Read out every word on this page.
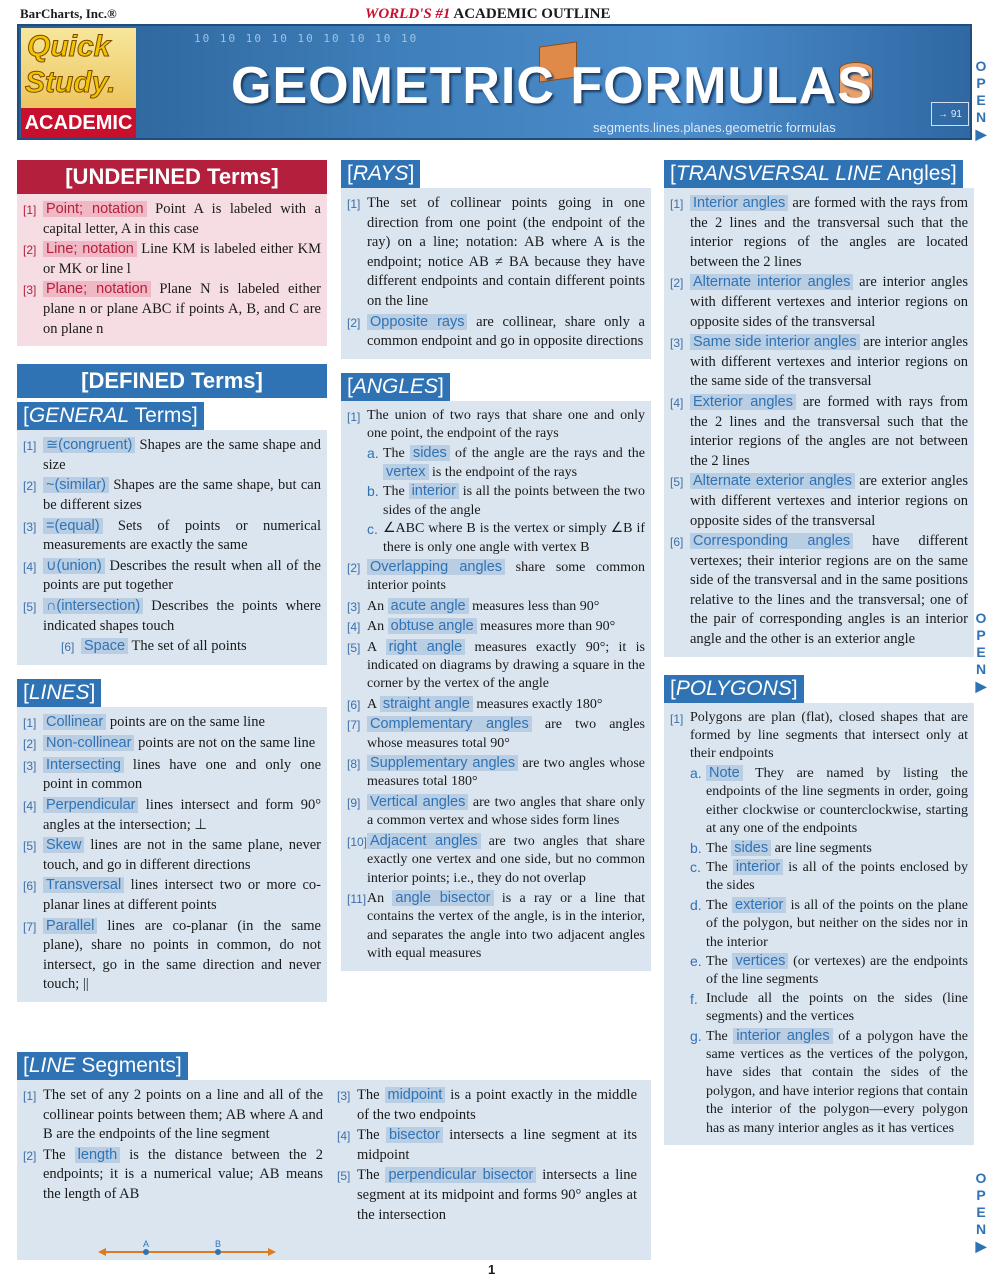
BarCharts, Inc.®	WORLD'S #1 ACADEMIC OUTLINE
Quick
Study.
ACADEMIC
10 10 10 10 10 10 10 10 10
GEOMETRIC FORMULAS
segments.lines.planes.geometric formulas
→ 91
O
P
E
N
▶
O
P
E
N
▶
O
P
E
N
▶
[UNDEFINED Terms]
[1] Point; notation Point A is labeled with a capital letter, A in this case
[2] Line; notation Line KM is labeled either KM or MK or line l
[3] Plane; notation Plane N is labeled either plane n or plane ABC if points A, B, and C are on plane n
[DEFINED Terms]
[GENERAL Terms]
[1] ≅(congruent) Shapes are the same shape and size
[2] ~(similar) Shapes are the same shape, but can be different sizes
[3] =(equal) Sets of points or numerical measurements are exactly the same
[4] ∪(union) Describes the result when all of the points are put together
[5] ∩(intersection) Describes the points where indicated shapes touch
[6] Space The set of all points
[LINES]
[1] Collinear points are on the same line
[2] Non-collinear points are not on the same line
[3] Intersecting lines have one and only one point in common
[4] Perpendicular lines intersect and form 90° angles at the intersection; ⊥
[5] Skew lines are not in the same plane, never touch, and go in different directions
[6] Transversal lines intersect two or more co-planar lines at different points
[7] Parallel lines are co-planar (in the same plane), share no points in common, do not intersect, go in the same direction and never touch; ||
[LINE Segments]
[1] The set of any 2 points on a line and all of the collinear points between them; AB where A and B are the endpoints of the line segment
[2] The length is the distance between the 2 endpoints; it is a numerical value; AB means the length of AB
[3] The midpoint is a point exactly in the middle of the two endpoints
[4] The bisector intersects a line segment at its midpoint
[5] The perpendicular bisector intersects a line segment at its midpoint and forms 90° angles at the intersection
A	B
[RAYS]
[1] The set of collinear points going in one direction from one point (the endpoint of the ray) on a line; notation: AB where A is the endpoint; notice AB ≠ BA because they have different endpoints and contain different points on the line
[2] Opposite rays are collinear, share only a common endpoint and go in opposite directions
[ANGLES]
[1] The union of two rays that share one and only one point, the endpoint of the rays
a. The sides of the angle are the rays and the vertex is the endpoint of the rays
b. The interior is all the points between the two sides of the angle
c. ∠ABC where B is the vertex or simply ∠B if there is only one angle with vertex B
[2] Overlapping angles share some common interior points
[3] An acute angle measures less than 90°
[4] An obtuse angle measures more than 90°
[5] A right angle measures exactly 90°; it is indicated on diagrams by drawing a square in the corner by the vertex of the angle
[6] A straight angle measures exactly 180°
[7] Complementary angles are two angles whose measures total 90°
[8] Supplementary angles are two angles whose measures total 180°
[9] Vertical angles are two angles that share only a common vertex and whose sides form lines
[10] Adjacent angles are two angles that share exactly one vertex and one side, but no common interior points; i.e., they do not overlap
[11] An angle bisector is a ray or a line that contains the vertex of the angle, is in the interior, and separates the angle into two adjacent angles with equal measures
[TRANSVERSAL LINE Angles]
[1] Interior angles are formed with the rays from the 2 lines and the transversal such that the interior regions of the angles are located between the 2 lines
[2] Alternate interior angles are interior angles with different vertexes and interior regions on opposite sides of the transversal
[3] Same side interior angles are interior angles with different vertexes and interior regions on the same side of the transversal
[4] Exterior angles are formed with rays from the 2 lines and the transversal such that the interior regions of the angles are not between the 2 lines
[5] Alternate exterior angles are exterior angles with different vertexes and interior regions on opposite sides of the transversal
[6] Corresponding angles have different vertexes; their interior regions are on the same side of the transversal and in the same positions relative to the lines and the transversal; one of the pair of corresponding angles is an interior angle and the other is an exterior angle
[POLYGONS]
[1] Polygons are plan (flat), closed shapes that are formed by line segments that intersect only at their endpoints
a. Note They are named by listing the endpoints of the line segments in order, going either clockwise or counterclockwise, starting at any one of the endpoints
b. The sides are line segments
c. The interior is all of the points enclosed by the sides
d. The exterior is all of the points on the plane of the polygon, but neither on the sides nor in the interior
e. The vertices (or vertexes) are the endpoints of the line segments
f. Include all the points on the sides (line segments) and the vertices
g. The interior angles of a polygon have the same vertices as the vertices of the polygon, have sides that contain the sides of the polygon, and have interior regions that contain the interior of the polygon—every polygon has as many interior angles as it has vertices
1
